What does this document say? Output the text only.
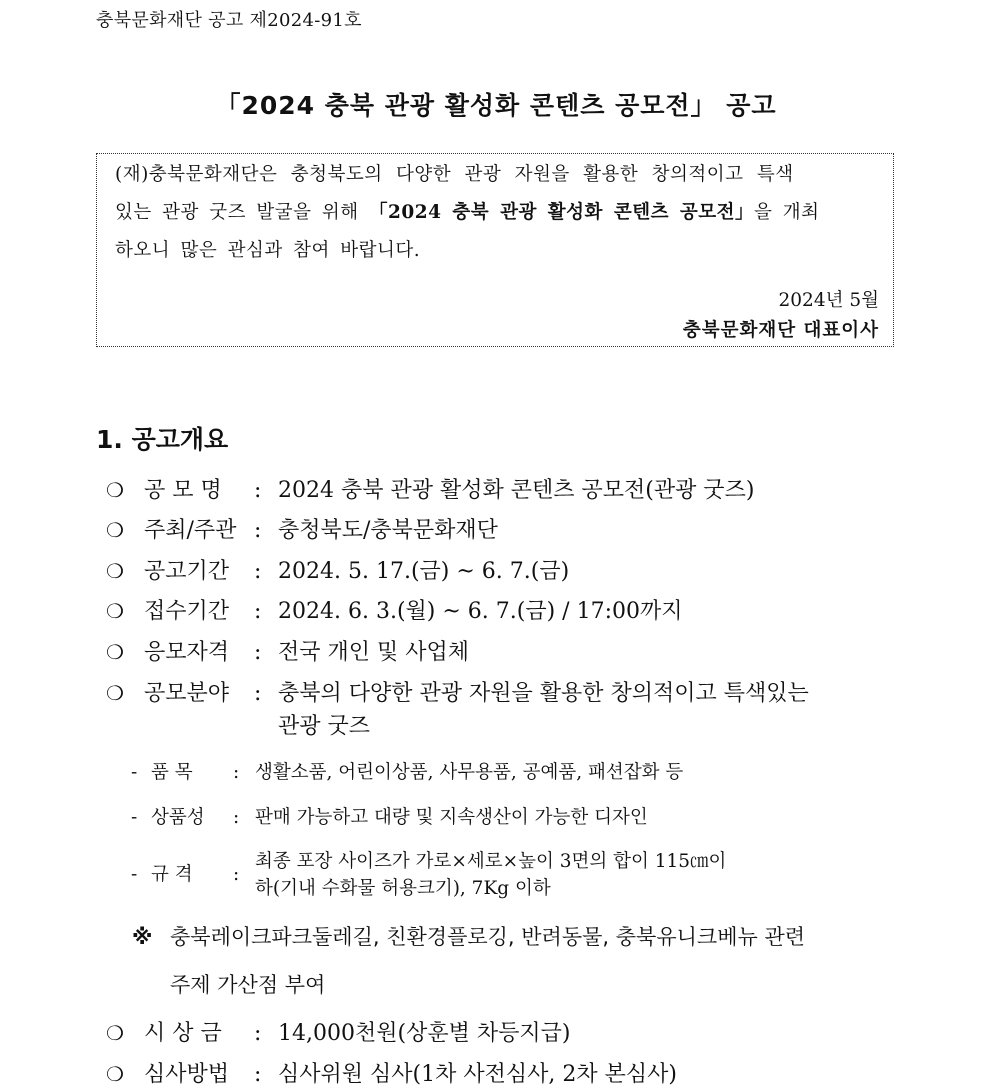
충북문화재단 공고 제2024-91호
「2024 충북 관광 활성화 콘텐츠 공모전」 공고
(재)충북문화재단은 충청북도의 다양한 관광 자원을 활용한 창의적이고 특색
있는 관광 굿즈 발굴을 위해 「2024 충북 관광 활성화 콘텐츠 공모전」을 개최
하오니 많은 관심과 참여 바랍니다.
2024년 5월
충북문화재단 대표이사
1. 공고개요
❍ 공 모 명 : 2024 충북 관광 활성화 콘텐츠 공모전(관광 굿즈)
❍ 주최/주관 : 충청북도/충북문화재단
❍ 공고기간 : 2024. 5. 17.(금) ~ 6. 7.(금)
❍ 접수기간 : 2024. 6. 3.(월) ~ 6. 7.(금) / 17:00까지
❍ 응모자격 : 전국 개인 및 사업체
❍ 공모분야 : 충북의 다양한 관광 자원을 활용한 창의적이고 특색있는
관광 굿즈
- 품 목 : 생활소품, 어린이상품, 사무용품, 공예품, 패션잡화 등
- 상품성 : 판매 가능하고 대량 및 지속생산이 가능한 디자인
- 규 격 :
최종 포장 사이즈가 가로×세로×높이 3면의 합이 115㎝이
하(기내 수화물 허용크기), 7Kg 이하
※ 충북레이크파크둘레길, 친환경플로깅, 반려동물, 충북유니크베뉴 관련
주제 가산점 부여
❍ 시 상 금 : 14,000천원(상훈별 차등지급)
❍ 심사방법 : 심사위원 심사(1차 사전심사, 2차 본심사)
